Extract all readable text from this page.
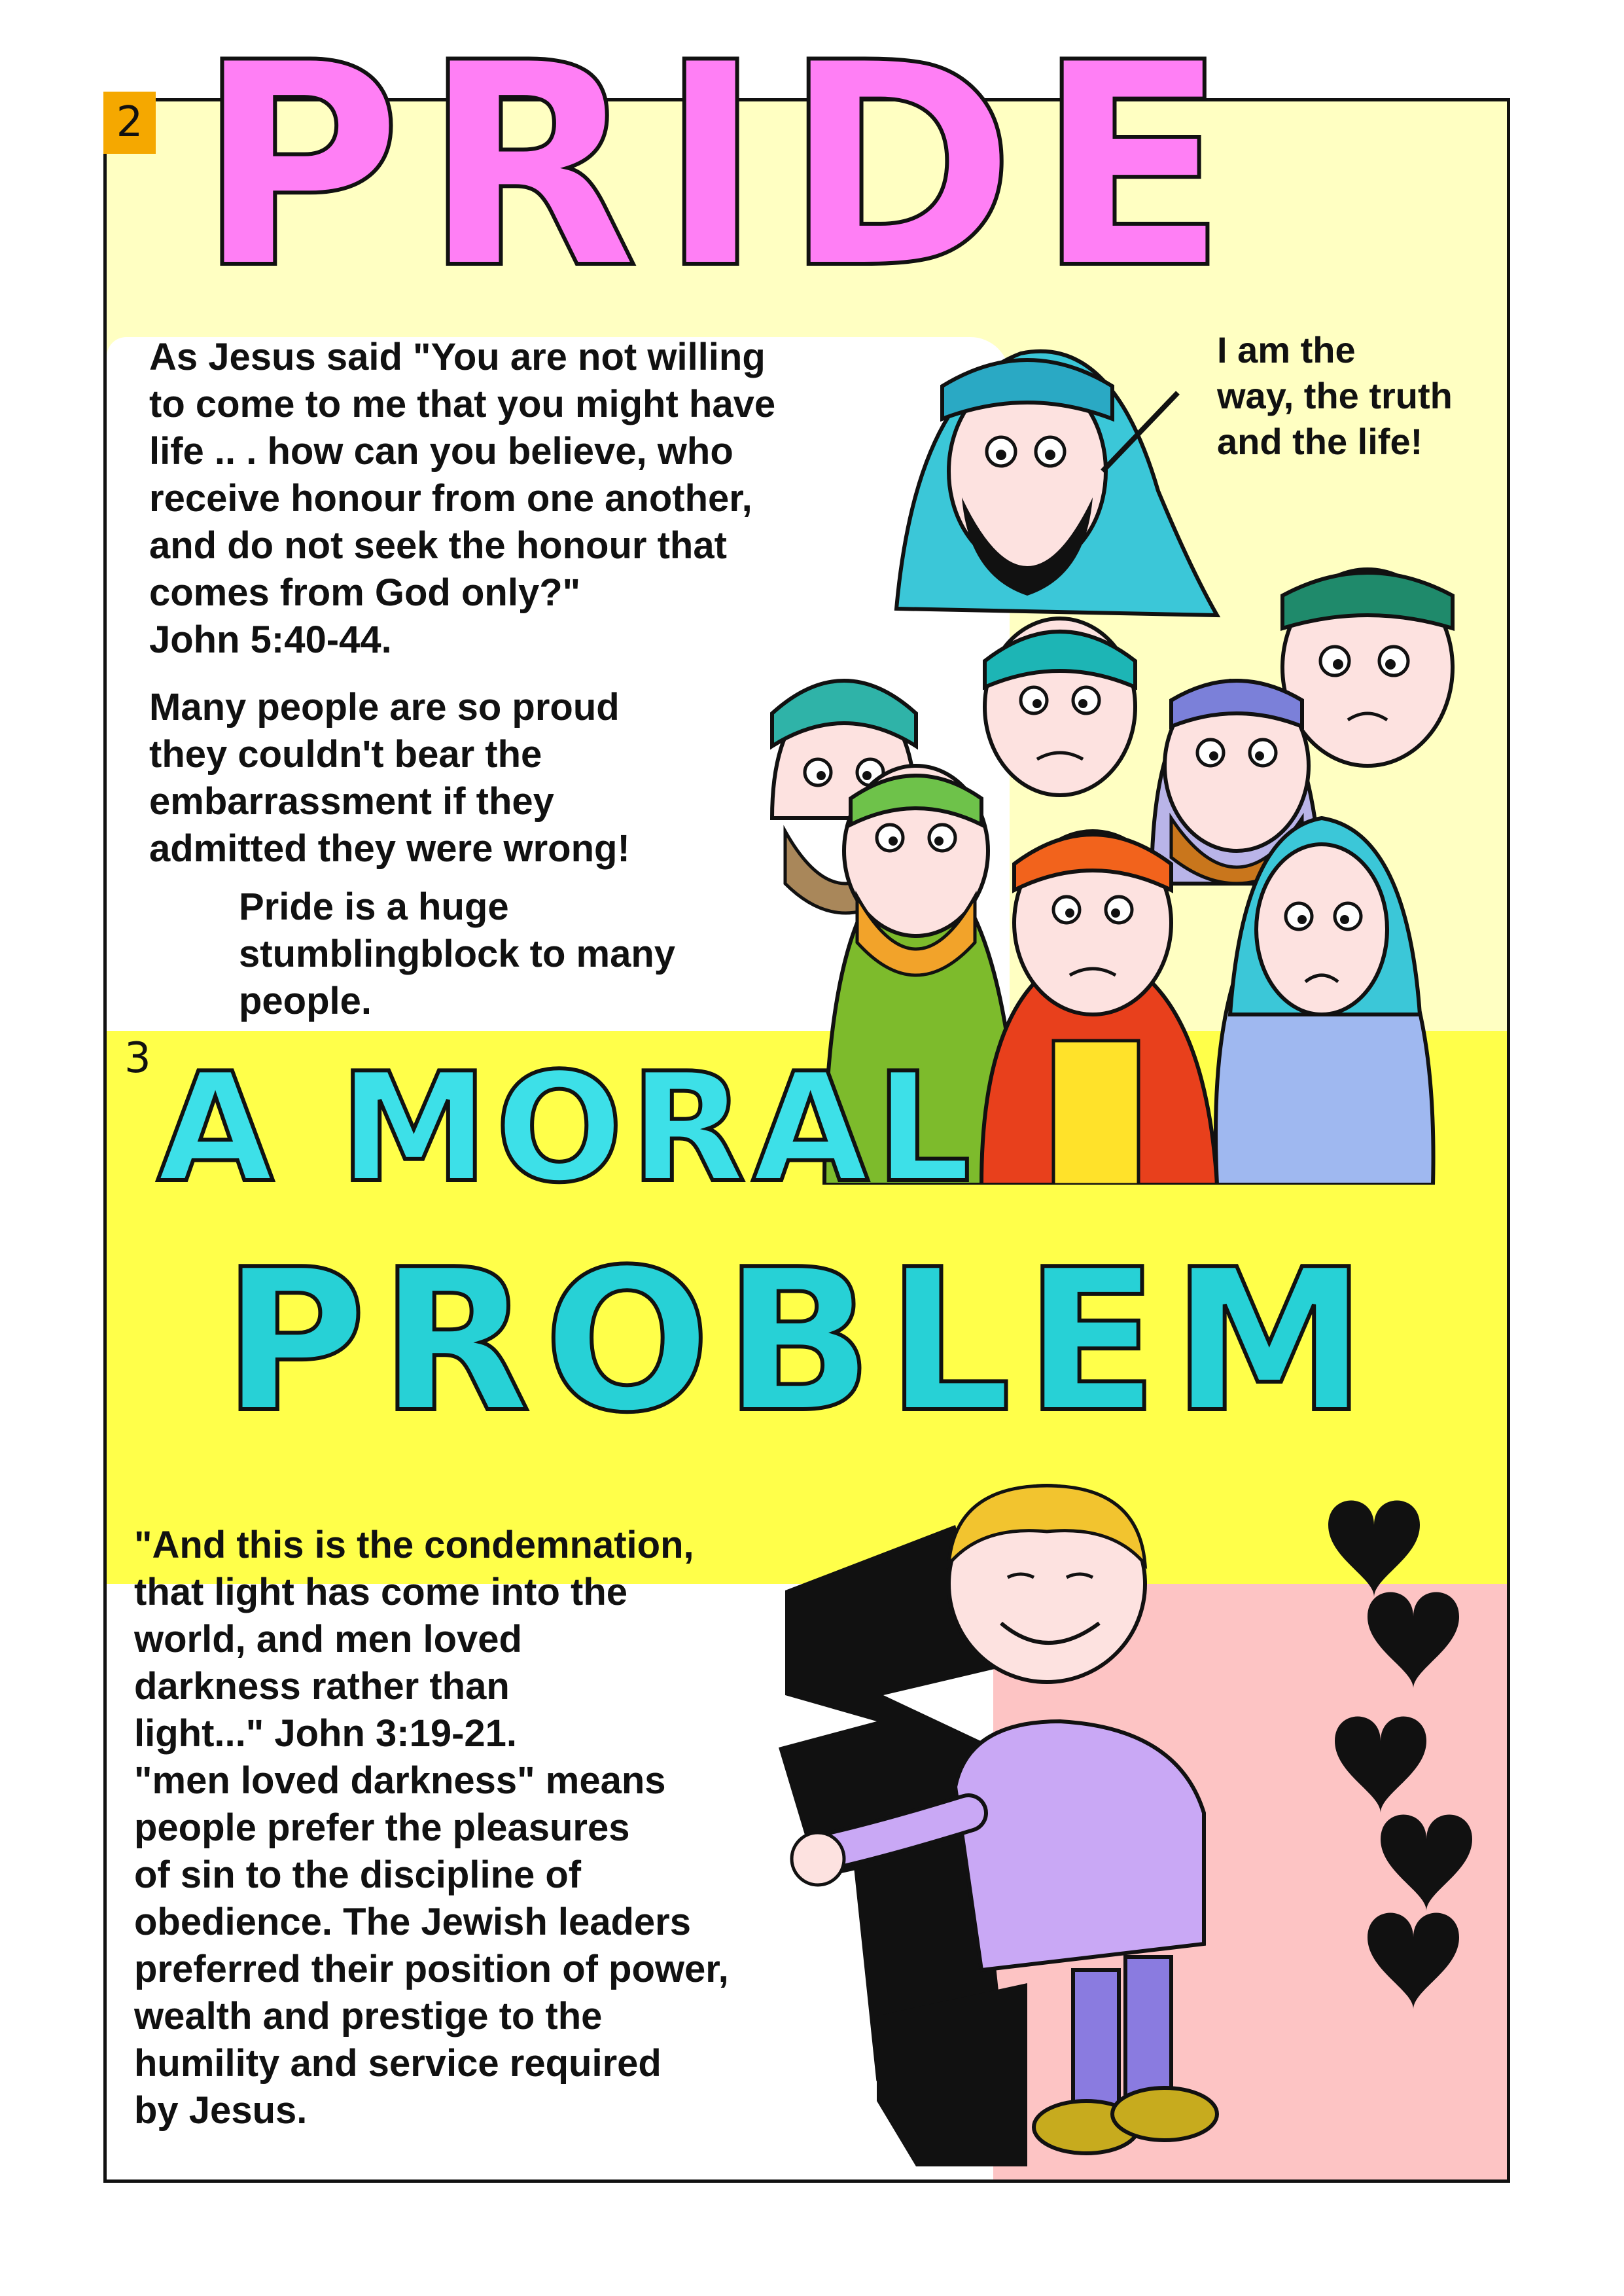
2
3
PRIDE
As Jesus said "You are not willing
to come to me that you might have
life .. . how can you believe, who
receive honour from one another,
and do not seek the honour that
comes from God only?"
John 5:40-44.
Many people are so proud
they couldn't bear the
embarrassment if they
admitted they were wrong!
Pride is a huge
stumblingblock to many
people.
I am the
way, the truth
and the life!
A MORAL
PROBLEM
"And this is the condemnation,
that light has come into the
world, and men loved
darkness rather than
light..." John 3:19-21.
"men loved darkness" means
people prefer the pleasures
of sin to the discipline of
obedience. The Jewish leaders
preferred their position of power,
wealth and prestige to the
humility and service required
by Jesus.
